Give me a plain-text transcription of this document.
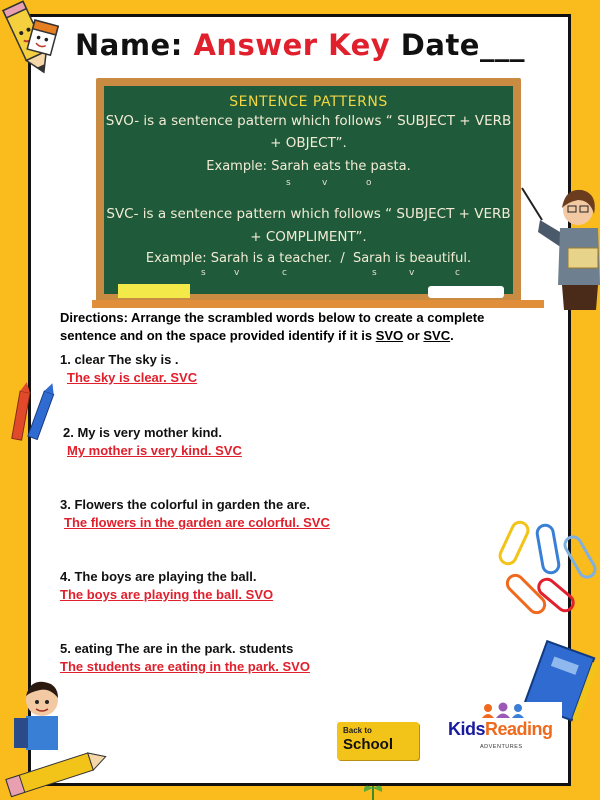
Name: Answer Key Date___
SENTENCE PATTERNS
SVO- is a sentence pattern which follows “ SUBJECT + VERB
+ OBJECT”.
Example: Sarah eats the pasta.
s	v	o
SVC- is a sentence pattern which follows “ SUBJECT + VERB
+ COMPLIMENT”.
Example: Sarah is a teacher. / Sarah is beautiful.
s	v	c	s	v	c
Directions: Arrange the scrambled words below to create a complete sentence and on the space provided identify if it is SVO or SVC.
1. clear The sky is .
The sky is clear. SVC
2. My is very mother kind.
My mother is very kind. SVC
3. Flowers the colorful in garden the are.
The flowers in the garden are colorful. SVC
4. The boys are playing the ball.
The boys are playing the ball. SVO
5. eating The are in the park. students
The students are eating in the park. SVO
Back to
School
KidsReading
ADVENTURES
